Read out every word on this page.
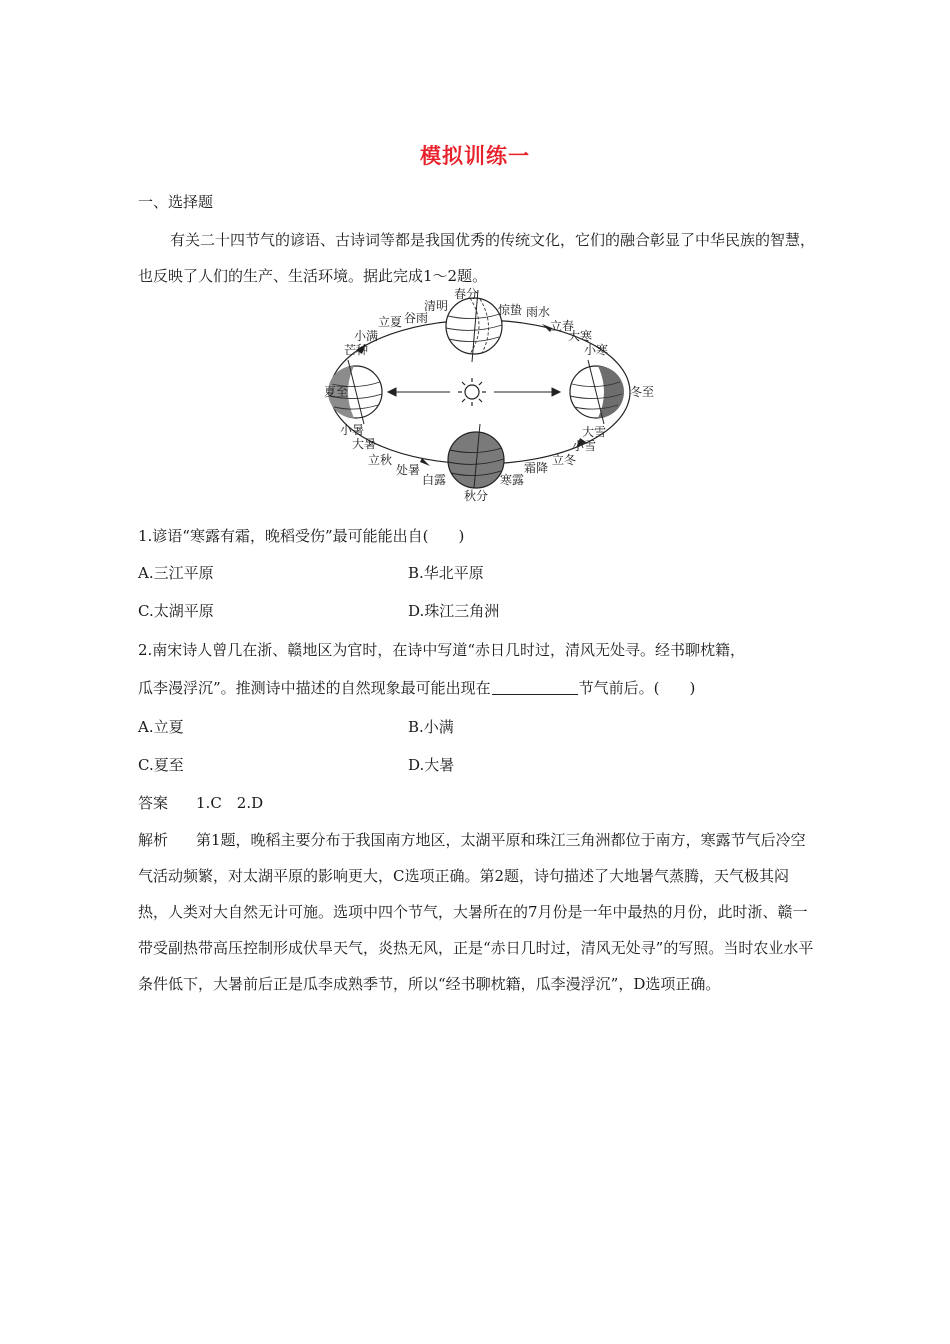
模拟训练一
一、选择题
有关二十四节气的谚语、古诗词等都是我国优秀的传统文化，它们的融合彰显了中华民族的智慧，也反映了人们的生产、生活环境。据此完成1～2题。
春分
惊蛰 雨水
立春
大寒
小寒
冬至
大雪
小雪
立冬
霜降
寒露
秋分
白露
处暑
立秋
大暑
小暑
夏至
芒种
小满
立夏 谷雨
清明
1.谚语“寒露有霜，晚稻受伤”最可能能出自(　　)
A.三江平原	B.华北平原
C.太湖平原	D.珠江三角洲
2.南宋诗人曾几在浙、赣地区为官时，在诗中写道“赤日几时过，清风无处寻。经书聊枕籍，
瓜李漫浮沉”。推测诗中描述的自然现象最可能出现在	节气前后。(　　)
A.立夏	B.小满
C.夏至	D.大暑
答案 1.C　2.D
解析 第1题，晚稻主要分布于我国南方地区，太湖平原和珠江三角洲都位于南方，寒露节气后冷空气活动频繁，对太湖平原的影响更大，C选项正确。第2题，诗句描述了大地暑气蒸腾，天气极其闷热，人类对大自然无计可施。选项中四个节气，大暑所在的7月份是一年中最热的月份，此时浙、赣一带受副热带高压控制形成伏旱天气，炎热无风，正是“赤日几时过，清风无处寻”的写照。当时农业水平条件低下，大暑前后正是瓜李成熟季节，所以“经书聊枕籍，瓜李漫浮沉”，D选项正确。
